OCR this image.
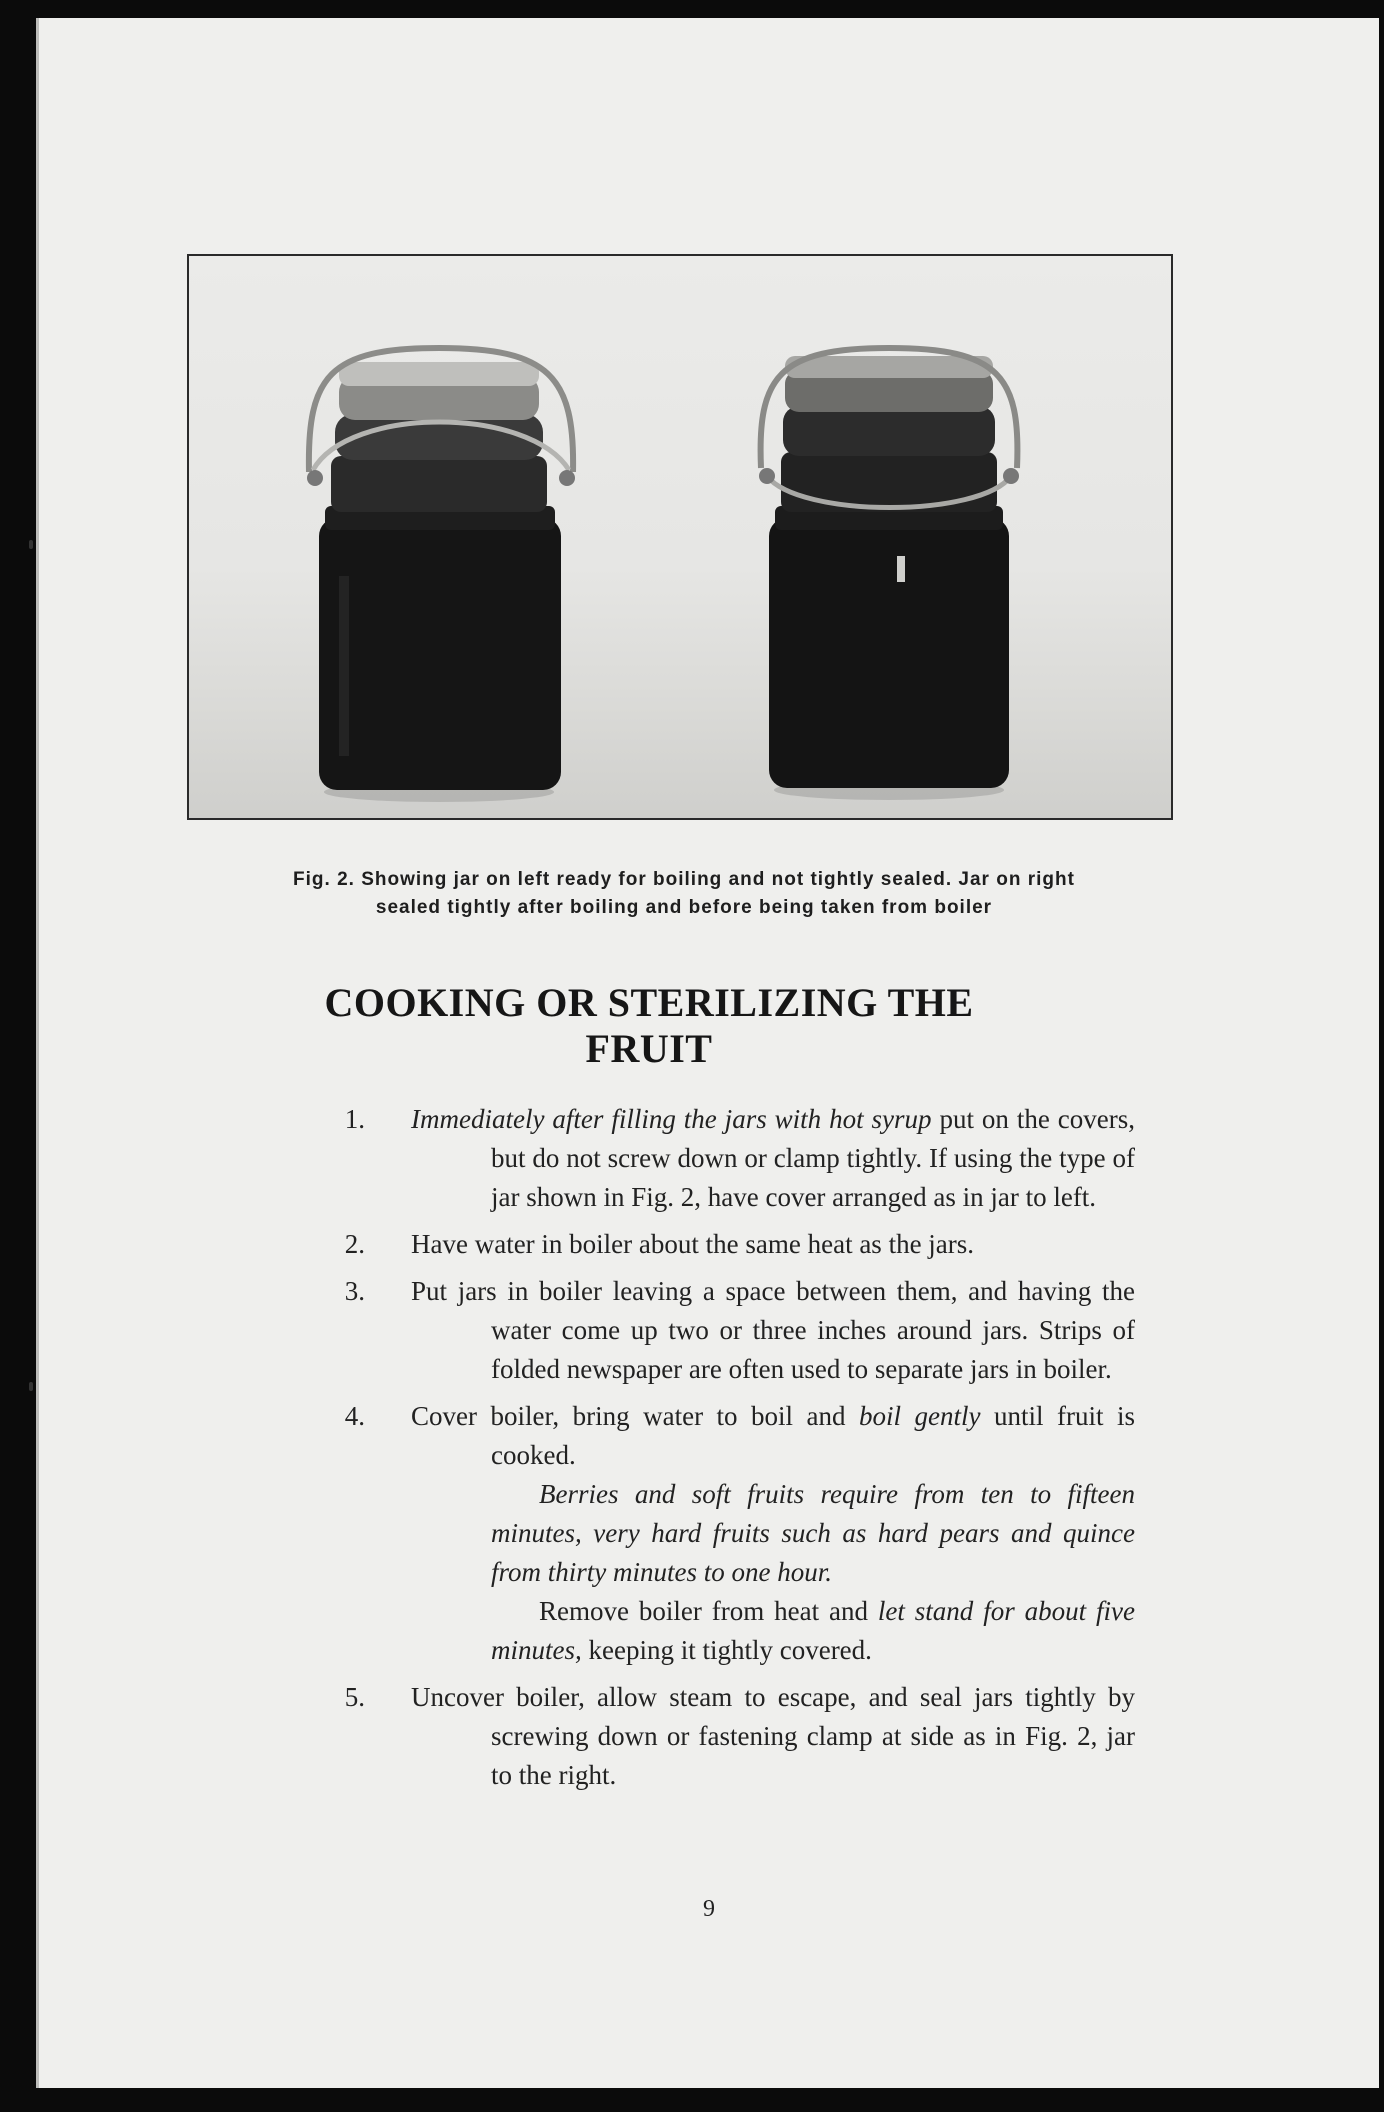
Fig. 2. Showing jar on left ready for boiling and not tightly sealed. Jar on right
sealed tightly after boiling and before being taken from boiler
COOKING OR STERILIZING THE
FRUIT
1. Immediately after filling the jars with hot syrup put on the covers, but do not screw down or clamp tightly. If using the type of jar shown in Fig. 2, have cover arranged as in jar to left.
2. Have water in boiler about the same heat as the jars.
3. Put jars in boiler leaving a space between them, and having the water come up two or three inches around jars. Strips of folded newspaper are often used to separate jars in boiler.
4. Cover boiler, bring water to boil and boil gently until fruit is cooked.
Berries and soft fruits require from ten to fifteen minutes, very hard fruits such as hard pears and quince from thirty minutes to one hour.
Remove boiler from heat and let stand for about five minutes, keeping it tightly covered.
5. Uncover boiler, allow steam to escape, and seal jars tightly by screwing down or fastening clamp at side as in Fig. 2, jar to the right.
9
